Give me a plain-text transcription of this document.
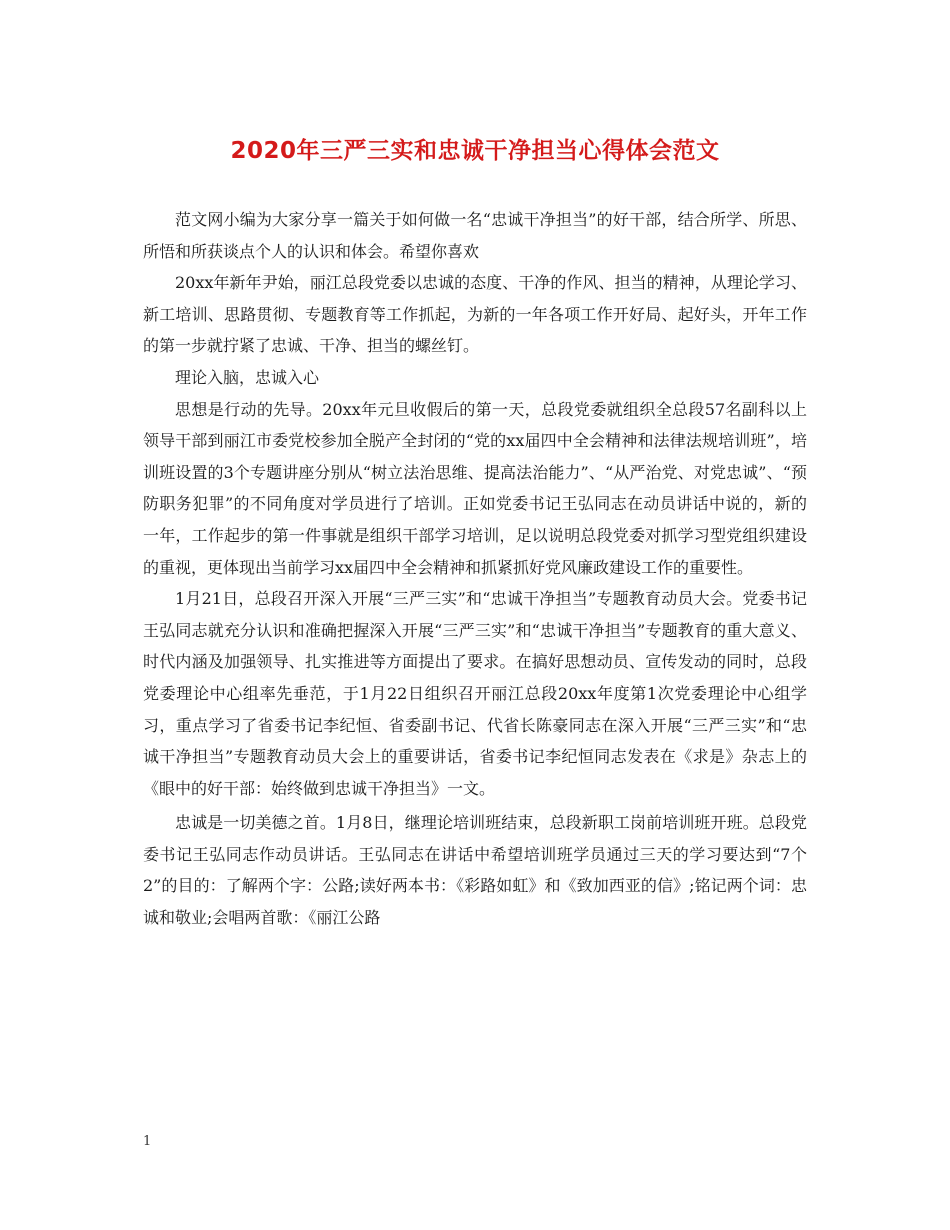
2020年三严三实和忠诚干净担当心得体会范文

范文网小编为大家分享一篇关于如何做一名“忠诚干净担当”的好干部，结合所学、所思、所悟和所获谈点个人的认识和体会。希望你喜欢

20xx年新年尹始，丽江总段党委以忠诚的态度、干净的作风、担当的精神，从理论学习、新工培训、思路贯彻、专题教育等工作抓起，为新的一年各项工作开好局、起好头，开年工作的第一步就拧紧了忠诚、干净、担当的螺丝钉。

理论入脑，忠诚入心

思想是行动的先导。20xx年元旦收假后的第一天，总段党委就组织全总段57名副科以上领导干部到丽江市委党校参加全脱产全封闭的“党的xx届四中全会精神和法律法规培训班”，培训班设置的3个专题讲座分别从“树立法治思维、提高法治能力”、“从严治党、对党忠诚”、“预防职务犯罪”的不同角度对学员进行了培训。正如党委书记王弘同志在动员讲话中说的，新的一年，工作起步的第一件事就是组织干部学习培训，足以说明总段党委对抓学习型党组织建设的重视，更体现出当前学习xx届四中全会精神和抓紧抓好党风廉政建设工作的重要性。

1月21日，总段召开深入开展“三严三实”和“忠诚干净担当”专题教育动员大会。党委书记王弘同志就充分认识和准确把握深入开展“三严三实”和“忠诚干净担当”专题教育的重大意义、时代内涵及加强领导、扎实推进等方面提出了要求。在搞好思想动员、宣传发动的同时，总段党委理论中心组率先垂范，于1月22日组织召开丽江总段20xx年度第1次党委理论中心组学习，重点学习了省委书记李纪恒、省委副书记、代省长陈豪同志在深入开展“三严三实”和“忠诚干净担当”专题教育动员大会上的重要讲话，省委书记李纪恒同志发表在《求是》杂志上的《眼中的好干部：始终做到忠诚干净担当》一文。

忠诚是一切美德之首。1月8日，继理论培训班结束，总段新职工岗前培训班开班。总段党委书记王弘同志作动员讲话。王弘同志在讲话中希望培训班学员通过三天的学习要达到“7个2”的目的：了解两个字：公路;读好两本书：《彩路如虹》和《致加西亚的信》;铭记两个词：忠诚和敬业;会唱两首歌：《丽江公路

1
